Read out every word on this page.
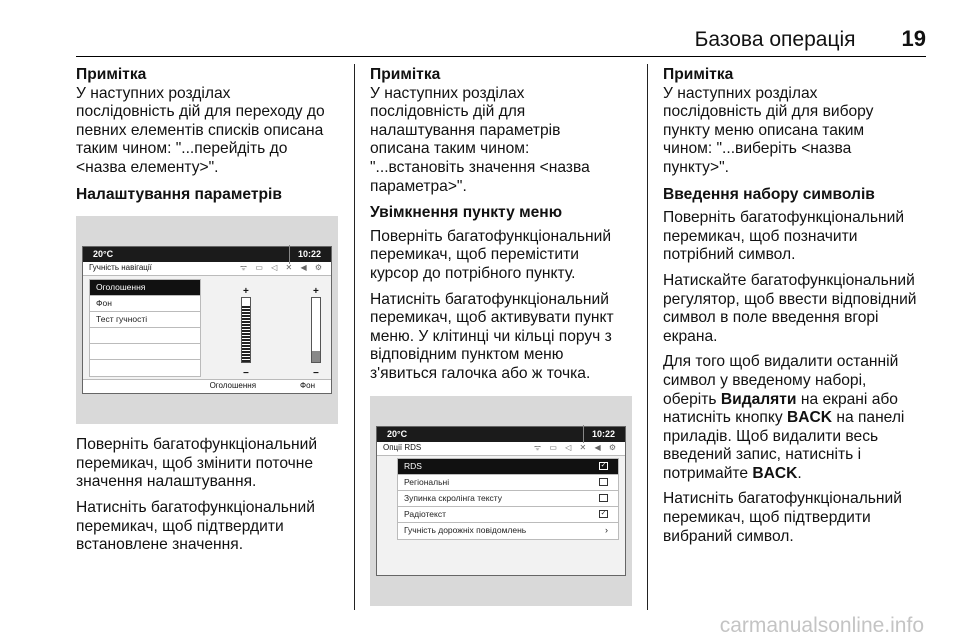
Базова операція 19
Примітка
У наступних розділах
послідовність дій для переходу до
певних елементів списків описана
таким чином: "...перейдіть до
<назва елементу>".
Налаштування параметрів
20°C	10:22
Гучність навігації	ᯤ ▭ ◁ ✕ ◀ ⚙
Оголошення
Фон
Тест гучності
+
−
+
−
Оголошення	Фон

Поверніть багатофункціональний
перемикач, щоб змінити поточне
значення налаштування.

Натисніть багатофункціональний
перемикач, щоб підтвердити
встановлене значення.

Примітка
У наступних розділах
послідовність дій для
налаштування параметрів
описана таким чином:
"...встановіть значення <назва
параметра>".
Увімкнення пункту меню

Поверніть багатофункціональний
перемикач, щоб перемістити
курсор до потрібного пункту.

Натисніть багатофункціональний
перемикач, щоб активувати пункт
меню. У клітинці чи кільці поруч з
відповідним пунктом меню
з'явиться галочка або ж точка.

20°C	10:22
Опції RDS	ᯤ ▭ ◁ ✕ ◀ ⚙
RDS	✓
Регіональні
Зупинка скролінга тексту
Радіотекст	✓
Гучність дорожніх повідомлень	›
Примітка
У наступних розділах
послідовність дій для вибору
пункту меню описана таким
чином: "...виберіть <назва
пункту>".
Введення набору символів

Поверніть багатофункціональний
перемикач, щоб позначити
потрібний символ.

Натискайте багатофункціональний
регулятор, щоб ввести відповідний
символ в поле введення вгорі
екрана.

Для того щоб видалити останній
символ у введеному наборі,
оберіть Видаляти на екрані або
натисніть кнопку BACK на панелі
приладів. Щоб видалити весь
введений запис, натисніть і
потримайте BACK.

Натисніть багатофункціональний
перемикач, щоб підтвердити
вибраний символ.

carmanualsonline.info
